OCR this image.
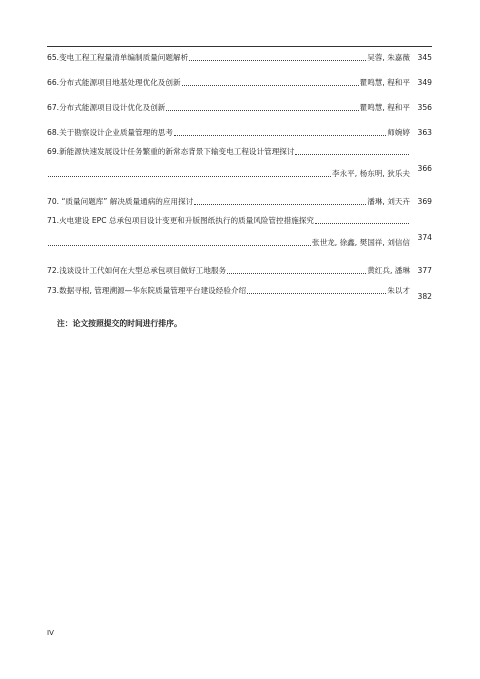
65.变电工程工程量清单编制质量问题解析	吴蓉, 朱嘉薇 345
66.分布式能源项目地基处理优化及创新	瞿鸣慧, 程和平 349
67.分布式能源项目设计优化及创新	瞿鸣慧, 程和平 356
68.关于勘察设计企业质量管理的思考	师婉婷 363
69.新能源快速发展设计任务繁重的新常态背景下输变电工程设计管理探讨
李永平, 杨东明, 狄乐夫
366
70. “质量问题库” 解决质量通病的应用探讨	潘琳, 刘天卉 369
71.火电建设 EPC 总承包项目设计变更和升版图纸执行的质量风险管控措施探究
张世龙, 徐鑫, 樊国祥, 刘信信
374
72.浅谈设计工代如何在大型总承包项目做好工地服务	黄红兵, 潘琳 377
73.数据寻根, 管理溯源—华东院质量管理平台建设经验介绍	朱以才
382
注：论文按照提交的时间进行排序。
IV
